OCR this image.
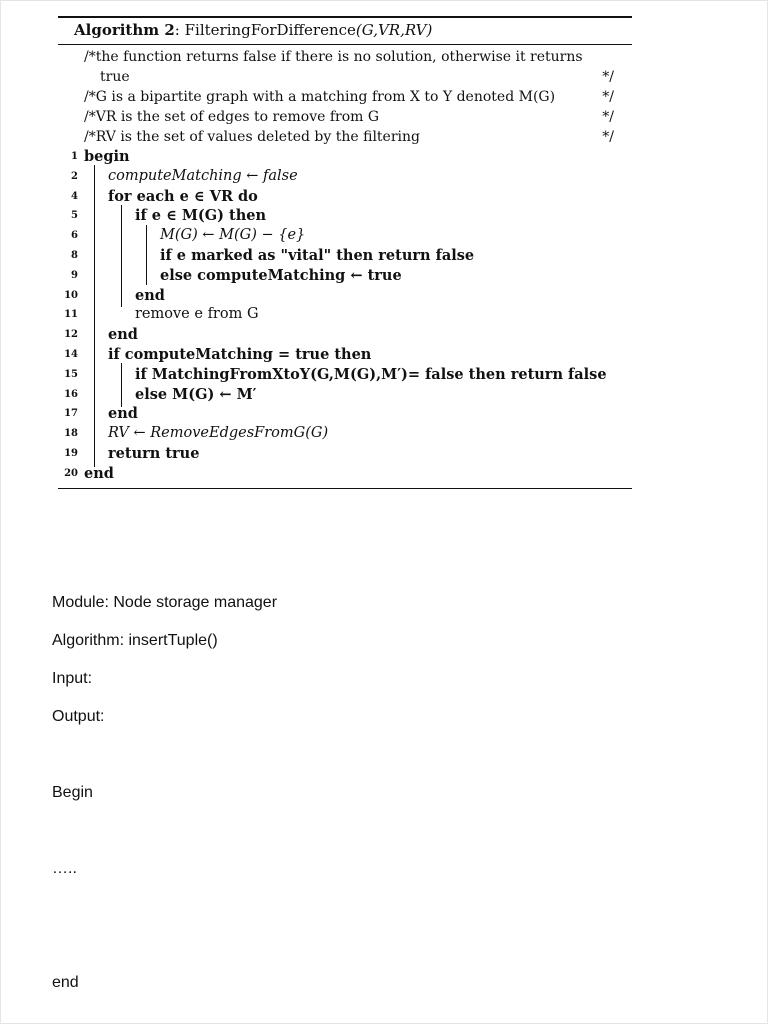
Algorithm 2: FilteringForDifference(G,VR,RV)
/*the function returns false if there is no solution, otherwise it returns
true	*/
/*G is a bipartite graph with a matching from X to Y denoted M(G)	*/
/*VR is the set of edges to remove from G	*/
/*RV is the set of values deleted by the filtering	*/
1 begin
2 computeMatching ← false
4 for each e ∈ VR do
5	if e ∈ M(G) then
6	M(G) ← M(G) − {e}
8	if e marked as "vital" then return false
9	else computeMatching ← true
10	end
11	remove e from G
12 end
14 if computeMatching = true then
15	if MatchingFromXtoY(G,M(G),M′)= false then return false
16	else M(G) ← M′
17 end
18 RV ← RemoveEdgesFromG(G)
19 return true
20 end
Module: Node storage manager
Algorithm: insertTuple()
Input:
Output:
Begin
…..
end
